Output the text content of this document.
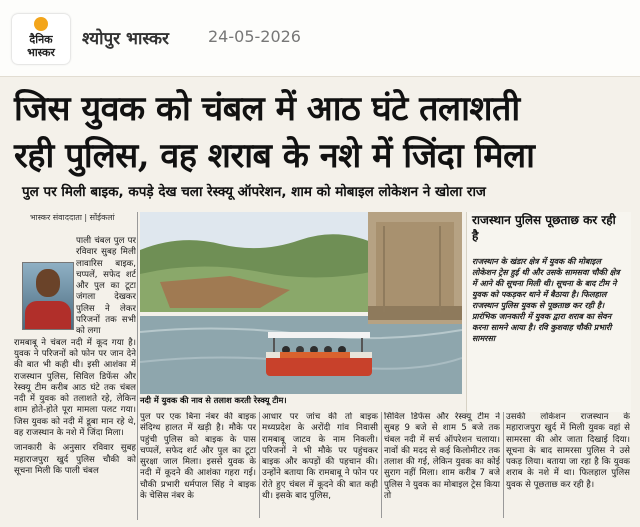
दैनिक
भास्कर
श्योपुर भास्कर 24-05-2026
जिस युवक को चंबल में आठ घंटे तलाशती
रही पुलिस, वह शराब के नशे में जिंदा मिला
पुल पर मिली बाइक, कपड़े देख चला रेस्क्यू ऑपरेशन, शाम को मोबाइल लोकेशन ने खोला राज
भास्कर संवाददाता | सोंईकलां
पाली चंबल पुल पर रविवार सुबह मिली लावारिस बाइक, चप्पलें, सफेद शर्ट और पुल का टूटा जंगला देखकर पुलिस ने लेकर परिजनों तक सभी को लगा
रामबाबू ने चंबल नदी में कूद गया है। युवक ने परिजनों को फोन पर जान देने की बात भी कही थी। इसी आशंका में राजस्थान पुलिस, सिविल डिफेंस और रेस्क्यू टीम करीब आठ घंटे तक चंबल नदी में युवक को तलाशते रहे, लेकिन शाम होते-होते पूरा मामला पलट गया। जिस युवक को नदी में डूबा मान रहे थे, वह राजस्थान के नशे में जिंदा मिला।
जानकारी के अनुसार रविवार सुबह महाराजपुरा खुर्द पुलिस चौकी को सूचना मिली कि पाली चंबल
नदी में युवक की नाव से तलाश करती रेस्क्यू टीम।
राजस्थान पुलिस पूछताछ कर रही है
राजस्थान के खंडार क्षेत्र में युवक की मोबाइल लोकेशन ट्रेस हुई थी और उसके सामसवा चौकी क्षेत्र में आने की सूचना मिली थी। सूचना के बाद टीम ने युवक को पकड़कर थाने में बैठाया है। फिलहाल राजस्थान पुलिस युवक से पूछताछ कर रही है। प्रारंभिक जानकारी में युवक द्वारा शराब का सेवन करना सामने आया है। रवि कुशवाह चौकी प्रभारी सामरसा
पुल पर एक बिना नंबर की बाइक संदिग्ध हालत में खड़ी है। मौके पर पहुंची पुलिस को बाइक के पास चप्पलें, सफेद शर्ट और पुल का टूटा सुरक्षा जाल मिला। इससे युवक के नदी में कूदने की आशंका गहरा गई। चौकी प्रभारी धर्मपाल सिंह ने बाइक के चेसिस नंबर के
आधार पर जांच की तो बाइक मध्यप्रदेश के अरोंदी गांव निवासी रामबाबू जाटव के नाम निकली। परिजनों ने भी मौके पर पहुंचकर बाइक और कपड़ों की पहचान की। उन्होंने बताया कि रामबाबू ने फोन पर रोते हुए चंबल में कूदने की बात कही थी। इसके बाद पुलिस,
सिविल डिफेंस और रेस्क्यू टीम ने सुबह 9 बजे से शाम 5 बजे तक चंबल नदी में सर्च ऑपरेशन चलाया। नावों की मदद से कई किलोमीटर तक तलाश की गई, लेकिन युवक का कोई सुराग नहीं मिला। शाम करीब 7 बजे पुलिस ने युवक का मोबाइल ट्रेस किया तो
उसकी लोकेशन राजस्थान के महाराजपुरा खुर्द में मिली युवक वहां से सामरसा की ओर जाता दिखाई दिया। सूचना के बाद सामरसा पुलिस ने उसे पकड़ लिया। बताया जा रहा है कि युवक शराब के नशे में था। फिलहाल पुलिस युवक से पूछताछ कर रही है।
